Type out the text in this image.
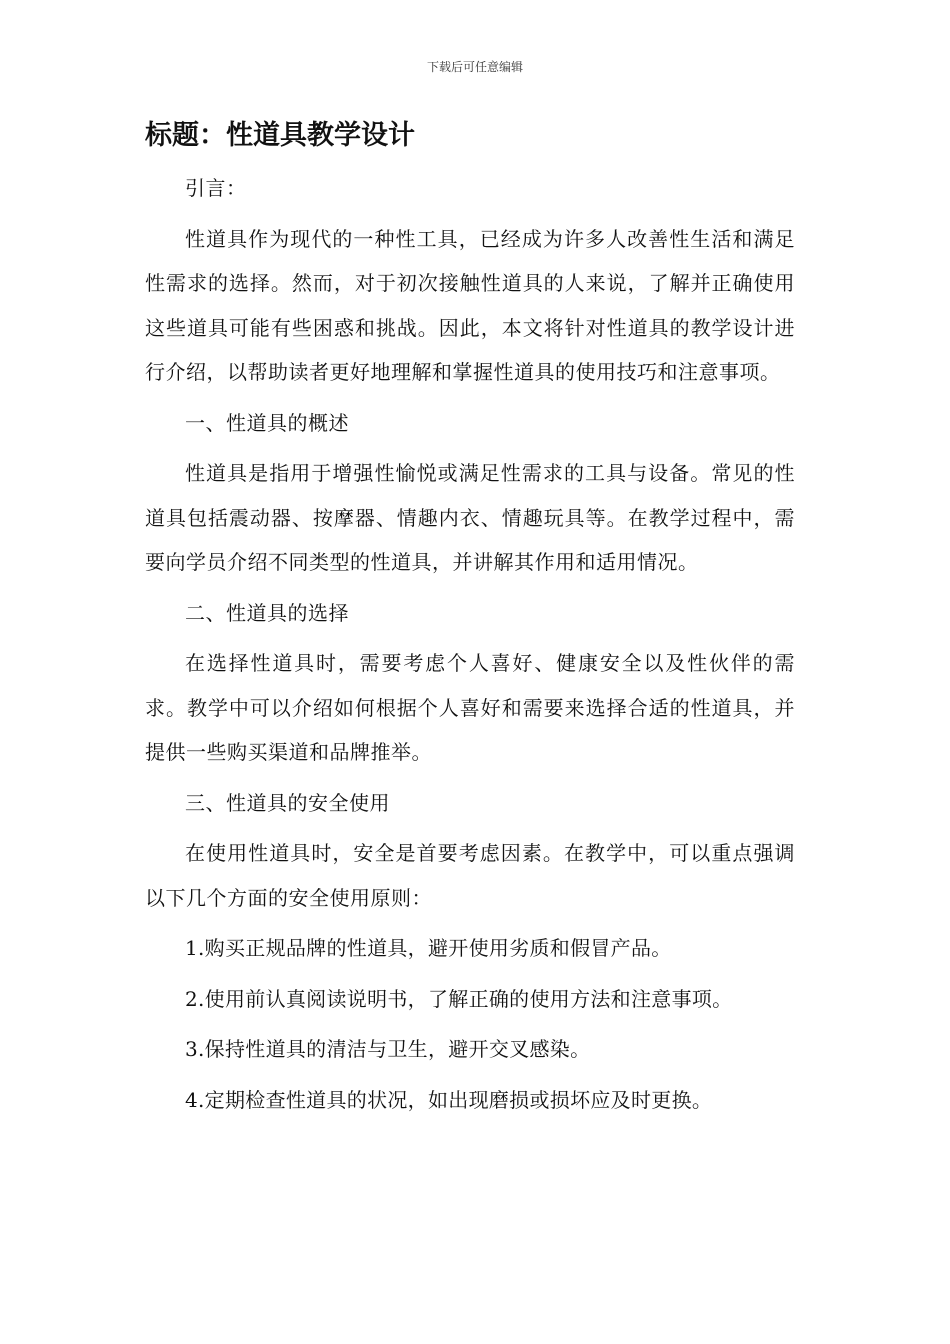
下载后可任意编辑
标题：性道具教学设计
引言：
性道具作为现代的一种性工具，已经成为许多人改善性生活和满足性需求的选择。然而，对于初次接触性道具的人来说，了解并正确使用这些道具可能有些困惑和挑战。因此，本文将针对性道具的教学设计进行介绍，以帮助读者更好地理解和掌握性道具的使用技巧和注意事项。
一、性道具的概述
性道具是指用于增强性愉悦或满足性需求的工具与设备。常见的性道具包括震动器、按摩器、情趣内衣、情趣玩具等。在教学过程中，需要向学员介绍不同类型的性道具，并讲解其作用和适用情况。
二、性道具的选择
在选择性道具时，需要考虑个人喜好、健康安全以及性伙伴的需求。教学中可以介绍如何根据个人喜好和需要来选择合适的性道具，并提供一些购买渠道和品牌推举。
三、性道具的安全使用
在使用性道具时，安全是首要考虑因素。在教学中，可以重点强调以下几个方面的安全使用原则：
1.购买正规品牌的性道具，避开使用劣质和假冒产品。
2.使用前认真阅读说明书，了解正确的使用方法和注意事项。
3.保持性道具的清洁与卫生，避开交叉感染。
4.定期检查性道具的状况，如出现磨损或损坏应及时更换。
